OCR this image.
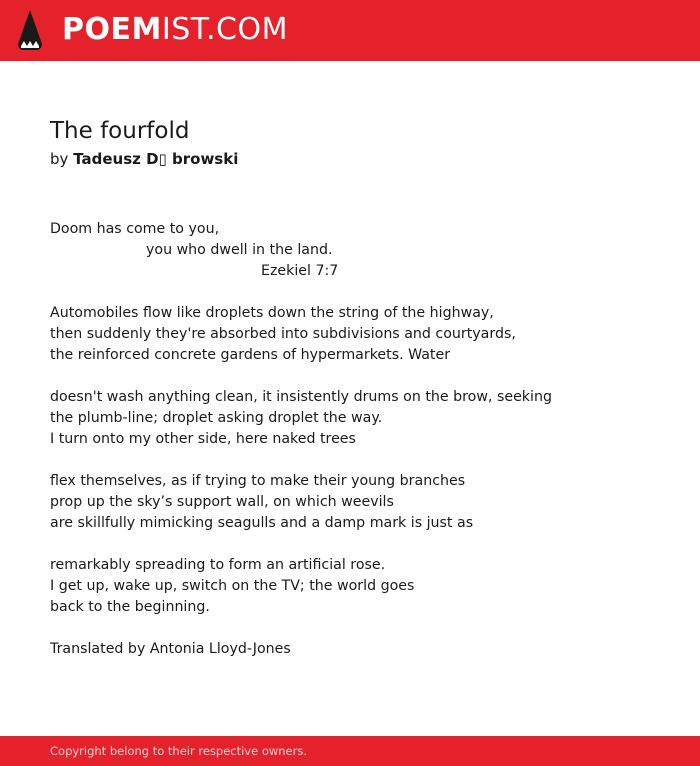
POEMIST.COM
The fourfold
by Tadeusz D▯ browski
Doom has come to you,
you who dwell in the land.
Ezekiel 7:7
Automobiles flow like droplets down the string of the highway,
then suddenly they're absorbed into subdivisions and courtyards,
the reinforced concrete gardens of hypermarkets. Water
doesn't wash anything clean, it insistently drums on the brow, seeking
the plumb-line; droplet asking droplet the way.
I turn onto my other side, here naked trees
flex themselves, as if trying to make their young branches
prop up the sky’s support wall, on which weevils
are skillfully mimicking seagulls and a damp mark is just as
remarkably spreading to form an artificial rose.
I get up, wake up, switch on the TV; the world goes
back to the beginning.
Translated by Antonia Lloyd-Jones
Copyright belong to their respective owners.
